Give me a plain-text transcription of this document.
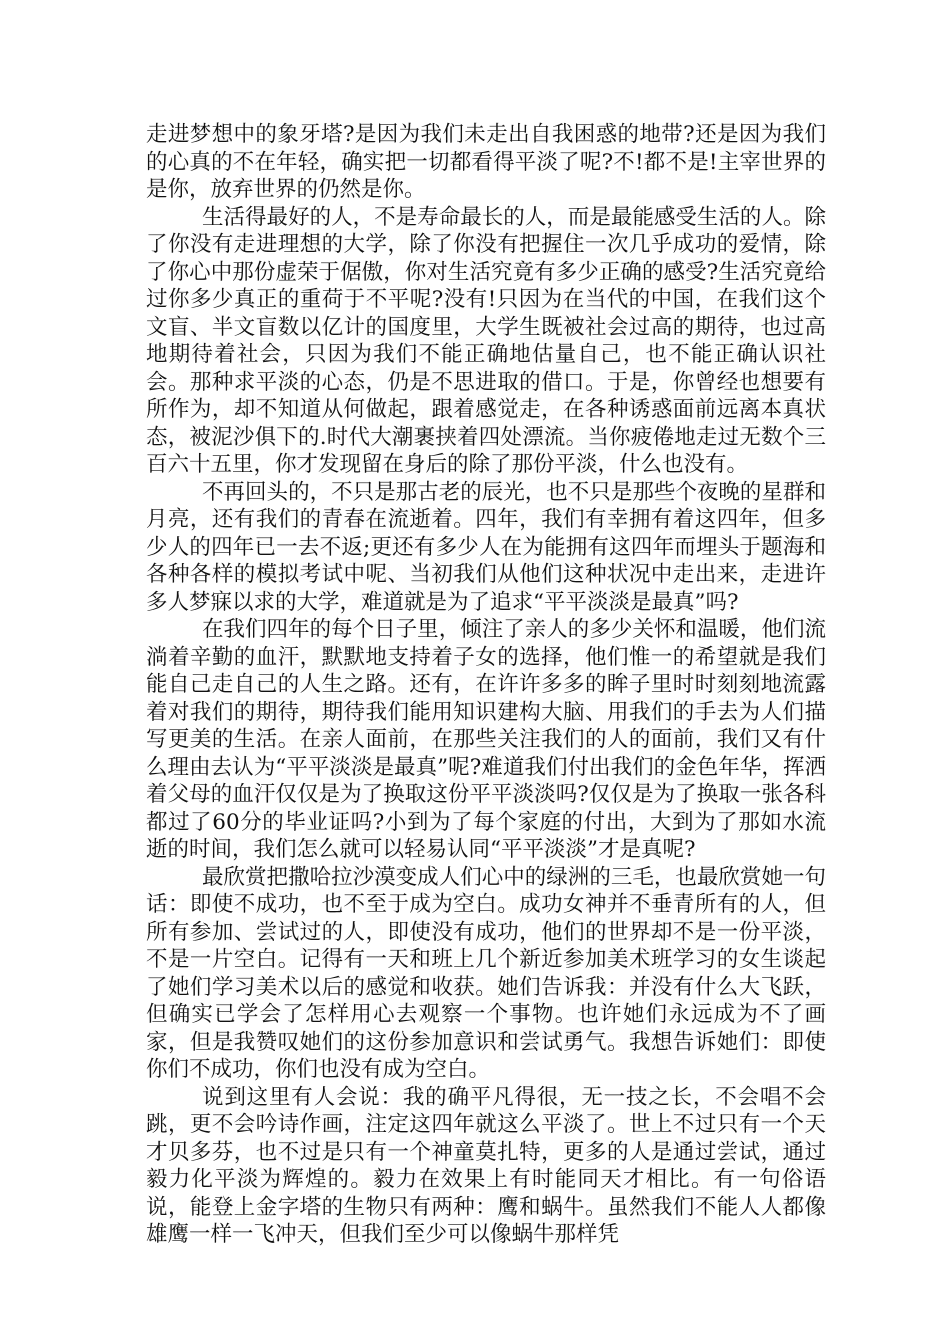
走进梦想中的象牙塔?是因为我们未走出自我困惑的地带?还是因为我们的心真的不在年轻，确实把一切都看得平淡了呢?不!都不是!主宰世界的是你，放弃世界的仍然是你。

生活得最好的人，不是寿命最长的人，而是最能感受生活的人。除了你没有走进理想的大学，除了你没有把握住一次几乎成功的爱情，除了你心中那份虚荣于倨傲，你对生活究竟有多少正确的感受?生活究竟给过你多少真正的重荷于不平呢?没有!只因为在当代的中国，在我们这个文盲、半文盲数以亿计的国度里，大学生既被社会过高的期待，也过高地期待着社会，只因为我们不能正确地估量自己，也不能正确认识社会。那种求平淡的心态，仍是不思进取的借口。于是，你曾经也想要有所作为，却不知道从何做起，跟着感觉走，在各种诱惑面前远离本真状态，被泥沙俱下的.时代大潮裹挟着四处漂流。当你疲倦地走过无数个三百六十五里，你才发现留在身后的除了那份平淡，什么也没有。

不再回头的，不只是那古老的辰光，也不只是那些个夜晚的星群和月亮，还有我们的青春在流逝着。四年，我们有幸拥有着这四年，但多少人的四年已一去不返;更还有多少人在为能拥有这四年而埋头于题海和各种各样的模拟考试中呢、当初我们从他们这种状况中走出来，走进许多人梦寐以求的大学，难道就是为了追求“平平淡淡是最真”吗?

在我们四年的每个日子里，倾注了亲人的多少关怀和温暖，他们流淌着辛勤的血汗，默默地支持着子女的选择，他们惟一的希望就是我们能自己走自己的人生之路。还有，在许许多多的眸子里时时刻刻地流露着对我们的期待，期待我们能用知识建构大脑、用我们的手去为人们描写更美的生活。在亲人面前，在那些关注我们的人的面前，我们又有什么理由去认为“平平淡淡是最真”呢?难道我们付出我们的金色年华，挥洒着父母的血汗仅仅是为了换取这份平平淡淡吗?仅仅是为了换取一张各科都过了60分的毕业证吗?小到为了每个家庭的付出，大到为了那如水流逝的时间，我们怎么就可以轻易认同“平平淡淡”才是真呢?

最欣赏把撒哈拉沙漠变成人们心中的绿洲的三毛，也最欣赏她一句话：即使不成功，也不至于成为空白。成功女神并不垂青所有的人，但所有参加、尝试过的人，即使没有成功，他们的世界却不是一份平淡，不是一片空白。记得有一天和班上几个新近参加美术班学习的女生谈起了她们学习美术以后的感觉和收获。她们告诉我：并没有什么大飞跃，但确实已学会了怎样用心去观察一个事物。也许她们永远成为不了画家，但是我赞叹她们的这份参加意识和尝试勇气。我想告诉她们：即使你们不成功，你们也没有成为空白。

说到这里有人会说：我的确平凡得很，无一技之长，不会唱不会跳，更不会吟诗作画，注定这四年就这么平淡了。世上不过只有一个天才贝多芬，也不过是只有一个神童莫扎特，更多的人是通过尝试，通过毅力化平淡为辉煌的。毅力在效果上有时能同天才相比。有一句俗语说，能登上金字塔的生物只有两种：鹰和蜗牛。虽然我们不能人人都像雄鹰一样一飞冲天，但我们至少可以像蜗牛那样凭
